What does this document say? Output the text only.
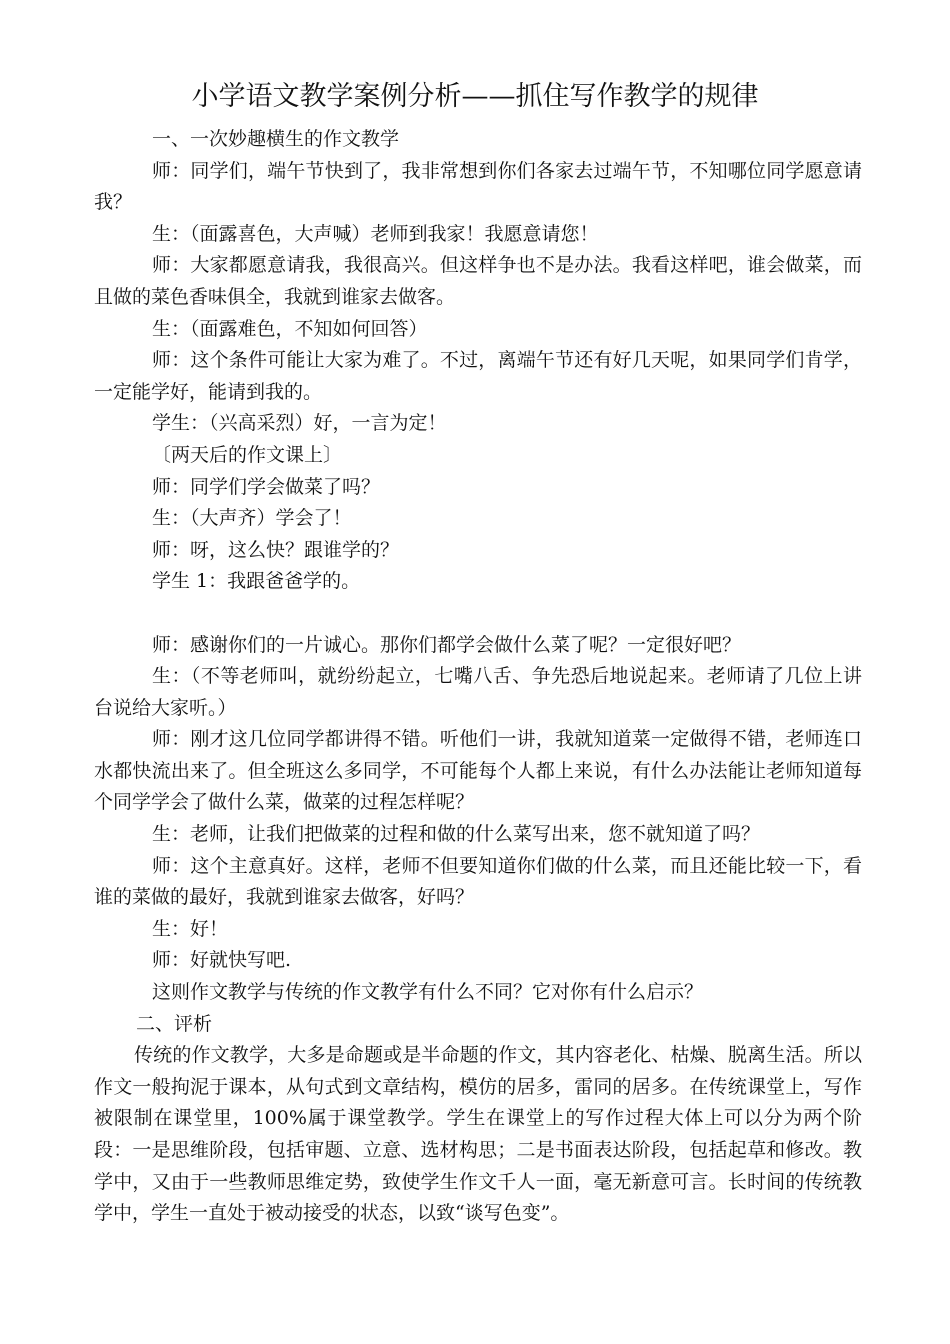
小学语文教学案例分析——抓住写作教学的规律

一、一次妙趣横生的作文教学

师：同学们，端午节快到了，我非常想到你们各家去过端午节，不知哪位同学愿意请我？

生：（面露喜色，大声喊）老师到我家！我愿意请您！

师：大家都愿意请我，我很高兴。但这样争也不是办法。我看这样吧，谁会做菜，而且做的菜色香味俱全，我就到谁家去做客。

生：（面露难色，不知如何回答）

师：这个条件可能让大家为难了。不过，离端午节还有好几天呢，如果同学们肯学，一定能学好，能请到我的。

学生：（兴高采烈）好，一言为定！

〔两天后的作文课上〕

师：同学们学会做菜了吗？

生：（大声齐）学会了！

师：呀，这么快？跟谁学的？

学生 1：我跟爸爸学的。

师：感谢你们的一片诚心。那你们都学会做什么菜了呢？一定很好吧？

生：（不等老师叫，就纷纷起立，七嘴八舌、争先恐后地说起来。老师请了几位上讲台说给大家听。）

师：刚才这几位同学都讲得不错。听他们一讲，我就知道菜一定做得不错，老师连口水都快流出来了。但全班这么多同学，不可能每个人都上来说，有什么办法能让老师知道每个同学学会了做什么菜，做菜的过程怎样呢？

生：老师，让我们把做菜的过程和做的什么菜写出来，您不就知道了吗？

师：这个主意真好。这样，老师不但要知道你们做的什么菜，而且还能比较一下，看谁的菜做的最好，我就到谁家去做客，好吗？

生：好！

师：好就快写吧.

这则作文教学与传统的作文教学有什么不同？它对你有什么启示？

二、评析

传统的作文教学，大多是命题或是半命题的作文，其内容老化、枯燥、脱离生活。所以作文一般拘泥于课本，从句式到文章结构，模仿的居多，雷同的居多。在传统课堂上，写作被限制在课堂里，100%属于课堂教学。学生在课堂上的写作过程大体上可以分为两个阶段：一是思维阶段，包括审题、立意、选材构思；二是书面表达阶段，包括起草和修改。教学中，又由于一些教师思维定势，致使学生作文千人一面，毫无新意可言。长时间的传统教学中，学生一直处于被动接受的状态，以致“谈写色变”。
